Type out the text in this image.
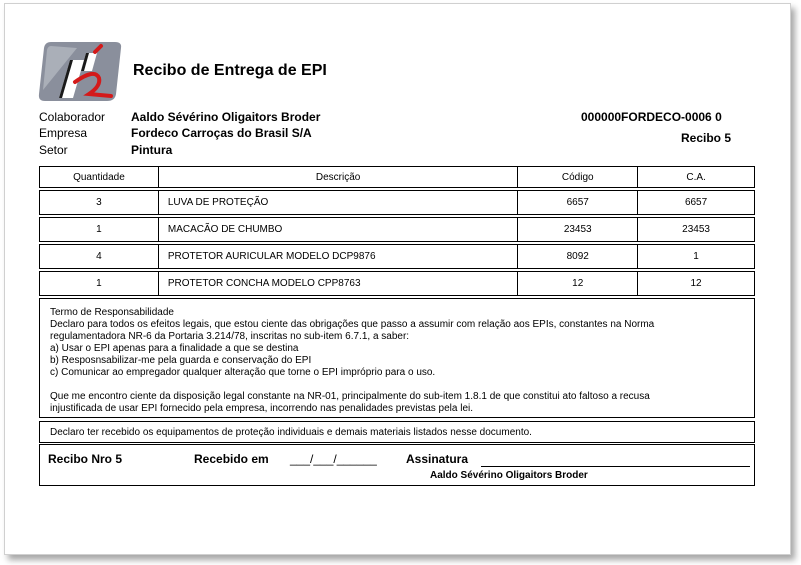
Recibo de Entrega de EPI
Colaborador Aaldo Sévérino Oligaitors Broder
Empresa	Fordeco Carroças do Brasil S/A
Setor	Pintura
000000FORDECO-0006 0
Recibo 5
Quantidade	Descrição	Código	C.A.

3	LUVA DE PROTEÇÃO	6657	6657

1	MACACÃO DE CHUMBO	23453	23453

4	PROTETOR AURICULAR MODELO DCP9876	8092	1

1	PROTETOR CONCHA MODELO CPP8763	12	12
Termo de Responsabilidade
Declaro para todos os efeitos legais, que estou ciente das obrigações que passo a assumir com relação aos EPIs, constantes na Norma
regulamentadora NR-6 da Portaria 3.214/78, inscritas no sub-item 6.7.1, a saber:
a) Usar o EPI apenas para a finalidade a que se destina
b) Resposnsabilizar-me pela guarda e conservação do EPI
c) Comunicar ao empregador qualquer alteração que torne o EPI impróprio para o uso.
Que me encontro ciente da disposição legal constante na NR-01, principalmente do sub-item 1.8.1 de que constitui ato faltoso a recusa
injustificada de usar EPI fornecido pela empresa, incorrendo nas penalidades previstas pela lei.
Declaro ter recebido os equipamentos de proteção individuais e demais materiais listados nesse documento.
Recibo Nro 5	Recebido em ___/___/______ Assinatura
Aaldo Sévérino Oligaitors Broder
